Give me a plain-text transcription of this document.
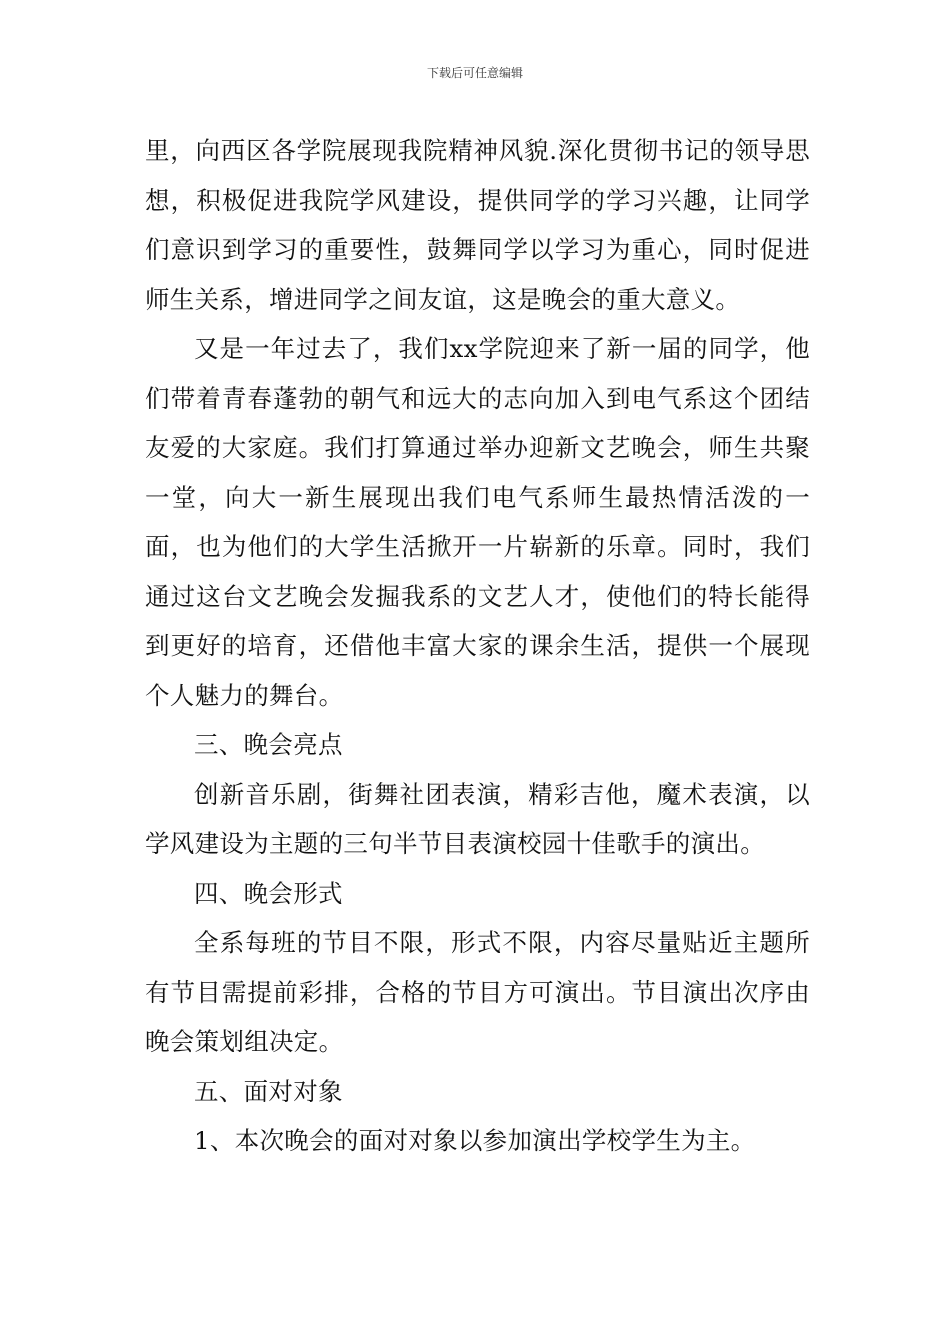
下载后可任意编辑

里，向西区各学院展现我院精神风貌.深化贯彻书记的领导思想，积极促进我院学风建设，提供同学的学习兴趣，让同学们意识到学习的重要性，鼓舞同学以学习为重心，同时促进师生关系，增进同学之间友谊，这是晚会的重大意义。

又是一年过去了，我们xx学院迎来了新一届的同学，他们带着青春蓬勃的朝气和远大的志向加入到电气系这个团结友爱的大家庭。我们打算通过举办迎新文艺晚会，师生共聚一堂，向大一新生展现出我们电气系师生最热情活泼的一面，也为他们的大学生活掀开一片崭新的乐章。同时，我们通过这台文艺晚会发掘我系的文艺人才，使他们的特长能得到更好的培育，还借他丰富大家的课余生活，提供一个展现个人魅力的舞台。

三、晚会亮点

创新音乐剧，街舞社团表演，精彩吉他，魔术表演，以学风建设为主题的三句半节目表演校园十佳歌手的演出。

四、晚会形式

全系每班的节目不限，形式不限，内容尽量贴近主题所有节目需提前彩排，合格的节目方可演出。节目演出次序由晚会策划组决定。

五、面对对象

1、本次晚会的面对对象以参加演出学校学生为主。
